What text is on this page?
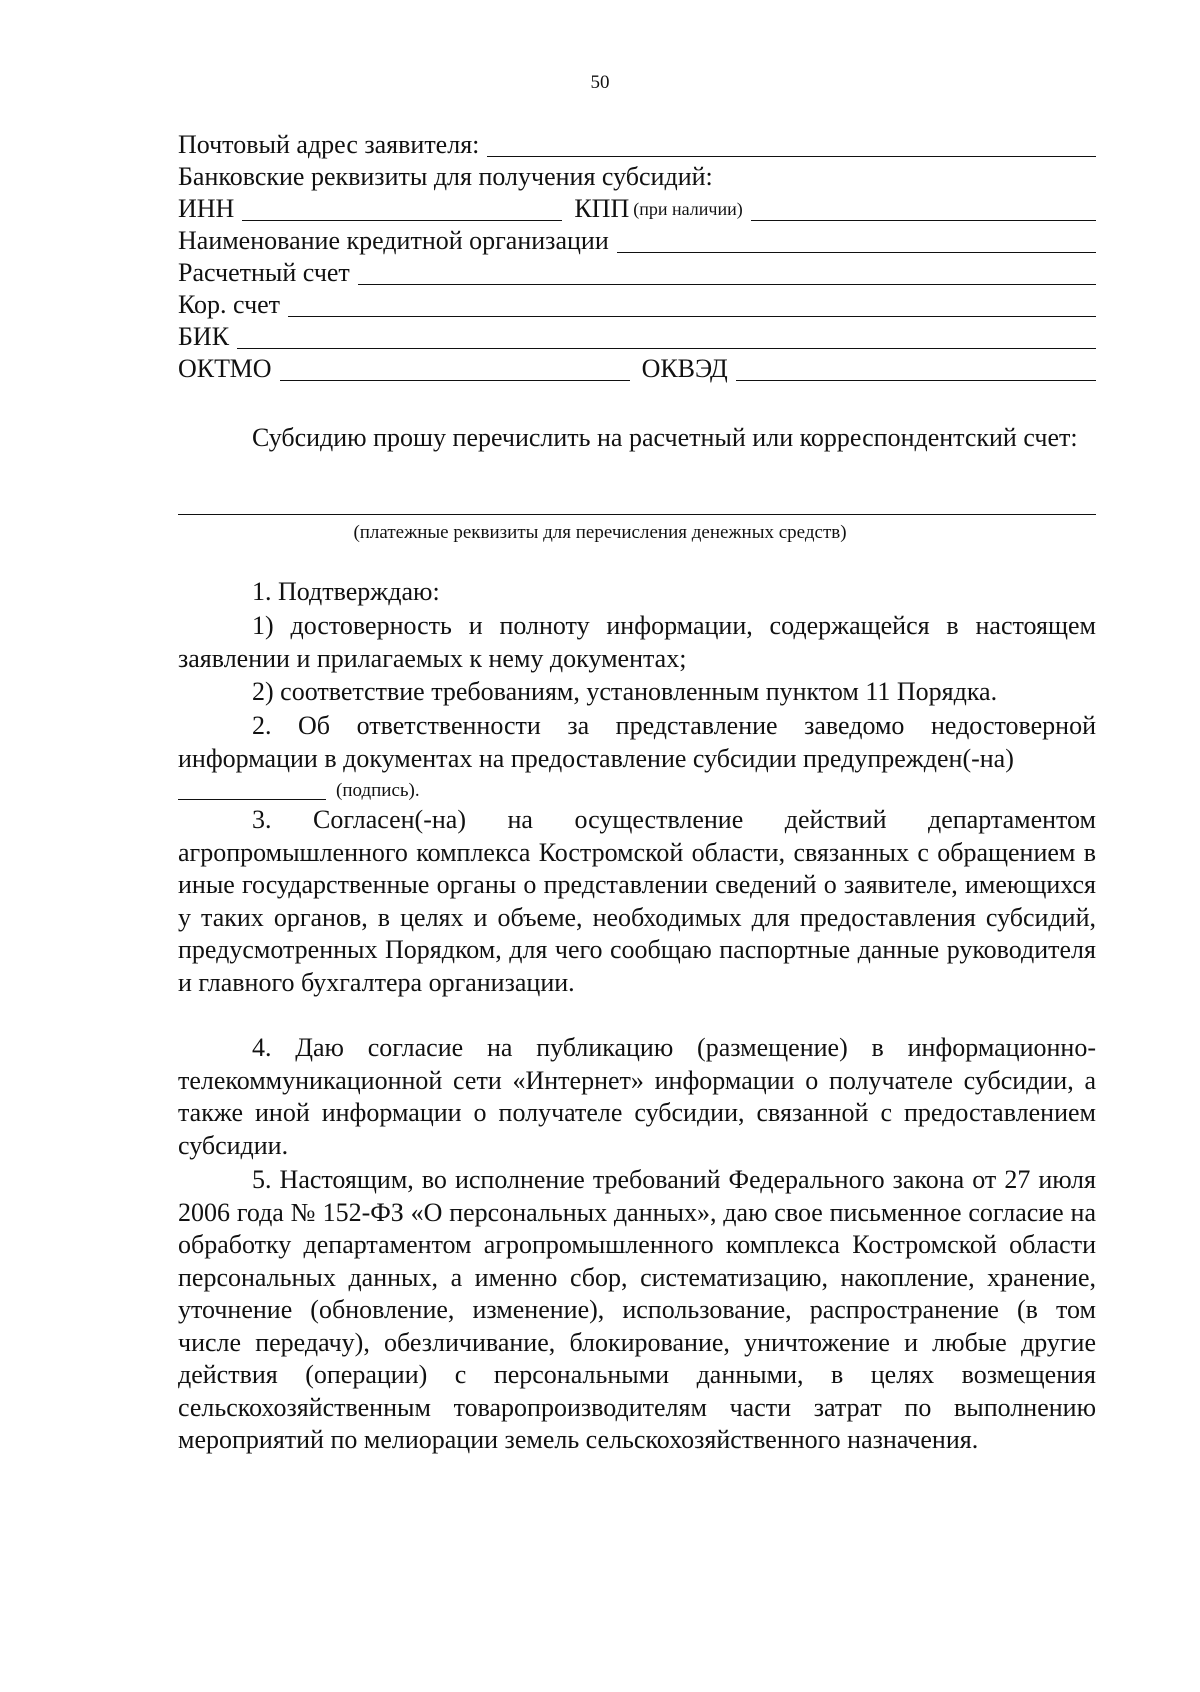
50
Почтовый адрес заявителя:
Банковские реквизиты для получения субсидий:
ИНН	КПП (при наличии)
Наименование кредитной организации
Расчетный счет
Кор. счет
БИК
ОКТМО	ОКВЭД

Субсидию прошу перечислить на расчетный или корреспондентский счет:

(платежные реквизиты для перечисления денежных средств)

1. Подтверждаю:

1) достоверность и полноту информации, содержащейся в настоящем заявлении и прилагаемых к нему документах;

2) соответствие требованиям, установленным пунктом 11 Порядка.

2. Об ответственности за представление заведомо недостоверной информации в документах на предоставление субсидии предупрежден(-на)

(подпись).

3. Согласен(-на) на осуществление действий департаментом агропромышленного комплекса Костромской области, связанных с обращением в иные государственные органы о представлении сведений о заявителе, имеющихся у таких органов, в целях и объеме, необходимых для предоставления субсидий, предусмотренных Порядком, для чего сообщаю паспортные данные руководителя и главного бухгалтера организации.

4. Даю согласие на публикацию (размещение) в информационно-телекоммуникационной сети «Интернет» информации о получателе субсидии, а также иной информации о получателе субсидии, связанной с предоставлением субсидии.

5. Настоящим, во исполнение требований Федерального закона от 27 июля 2006 года № 152-ФЗ «О персональных данных», даю свое письменное согласие на обработку департаментом агропромышленного комплекса Костромской области персональных данных, а именно сбор, систематизацию, накопление, хранение, уточнение (обновление, изменение), использование, распространение (в том числе передачу), обезличивание, блокирование, уничтожение и любые другие действия (операции) с персональными данными, в целях возмещения сельскохозяйственным товаропроизводителям части затрат по выполнению мероприятий по мелиорации земель сельскохозяйственного назначения.
